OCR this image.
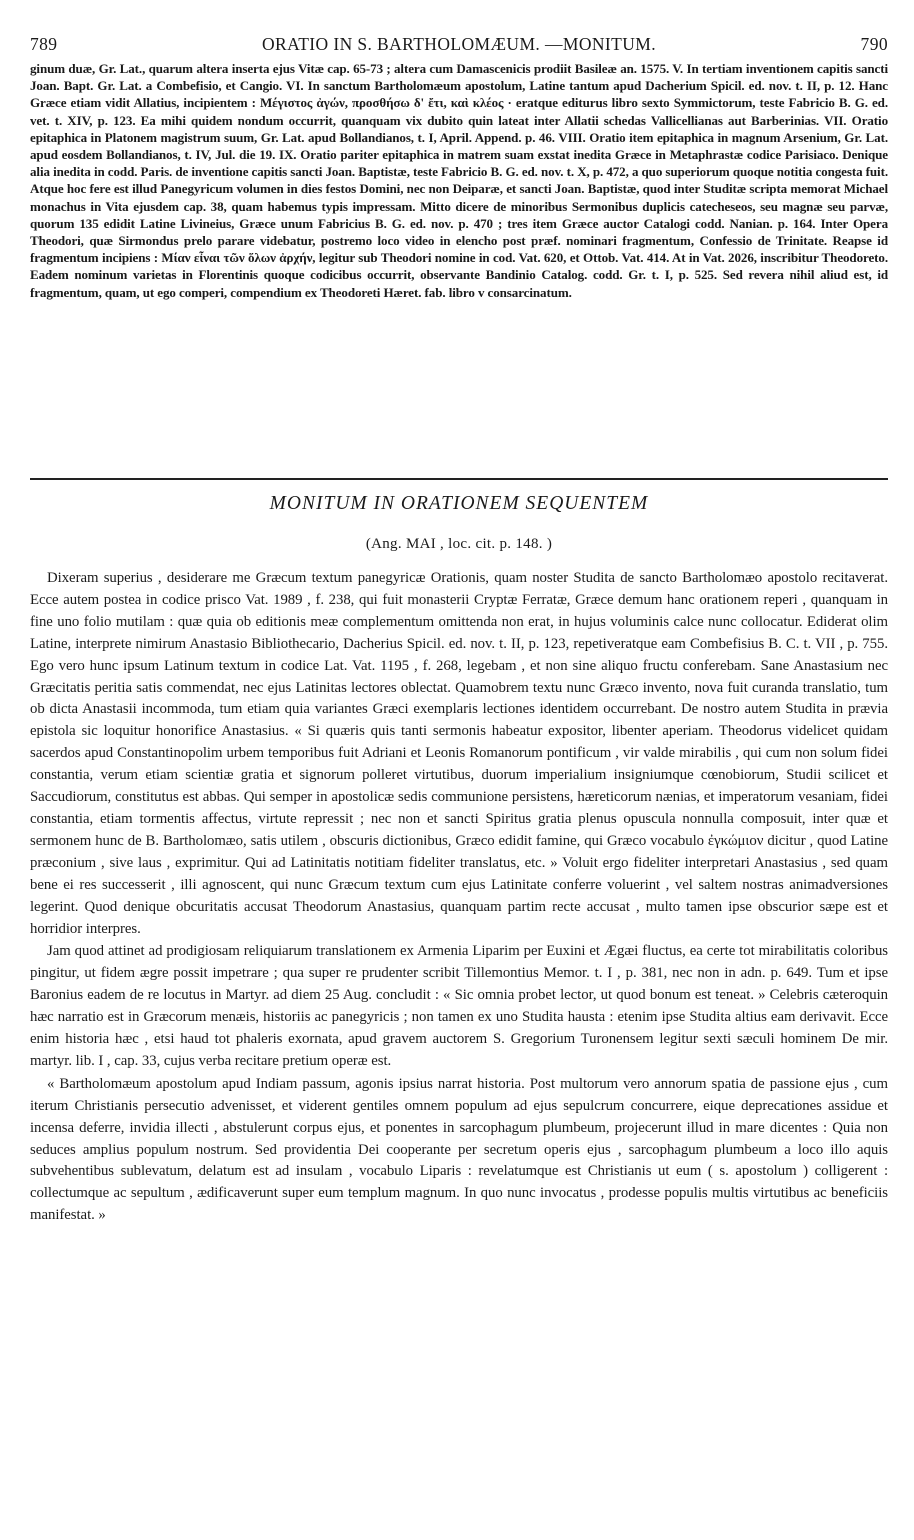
789	ORATIO IN S. BARTHOLOMÆUM. —MONITUM.	790

ginum duæ, Gr. Lat., quarum altera inserta ejus Vitæ cap. 65-73 ; altera cum Damascenicis prodiit Basileæ an. 1575. V. In tertiam inventionem capitis sancti Joan. Bapt. Gr. Lat. a Combefisio, et Cangio. VI. In sanctum Bartholomæum apostolum, Latine tantum apud Dacherium Spicil. ed. nov. t. II, p. 12. Hanc Græce etiam vidit Allatius, incipientem : Μέγιστος ἀγών, προσθήσω δ' ἔτι, καὶ κλέος · eratque editurus libro sexto Symmictorum, teste Fabricio B. G. ed. vet. t. XIV, p. 123. Ea mihi quidem nondum occurrit, quanquam vix dubito quin lateat inter Allatii schedas Vallicellianas aut Barberinias. VII. Oratio epitaphica in Platonem magistrum suum, Gr. Lat. apud Bollandianos, t. I, April. Append. p. 46. VIII. Oratio item epitaphica in magnum Arsenium, Gr. Lat. apud eosdem Bollandianos, t. IV, Jul. die 19. IX. Oratio pariter epitaphica in matrem suam exstat inedita Græce in Metaphrastæ codice Parisiaco. Denique alia inedita in codd. Paris. de inventione capitis sancti Joan. Baptistæ, teste Fabricio B. G. ed. nov. t. X, p. 472, a quo superiorum quoque notitia congesta fuit. Atque hoc fere est illud Panegyricum volumen in dies festos Domini, nec non Deiparæ, et sancti Joan. Baptistæ, quod inter Studitæ scripta memorat Michael monachus in Vita ejusdem cap. 38, quam habemus typis impressam. Mitto dicere de minoribus Sermonibus duplicis catecheseos, seu magnæ seu parvæ, quorum 135 edidit Latine Livineius, Græce unum Fabricius B. G. ed. nov. p. 470 ; tres item Græce auctor Catalogi codd. Nanian. p. 164. Inter Opera Theodori, quæ Sirmondus prelo parare videbatur, postremo loco video in elencho post præf. nominari fragmentum, Confessio de Trinitate. Reapse id fragmentum incipiens : Μίαν εἶναι τῶν ὅλων ἀρχήν, legitur sub Theodori nomine in cod. Vat. 620, et Ottob. Vat. 414. At in Vat. 2026, inscribitur Theodoreto. Eadem nominum varietas in Florentinis quoque codicibus occurrit, observante Bandinio Catalog. codd. Gr. t. I, p. 525. Sed revera nihil aliud est, id fragmentum, quam, ut ego comperi, compendium ex Theodoreti Hæret. fab. libro v consarcinatum.

MONITUM IN ORATIONEM SEQUENTEM
(Ang. MAI , loc. cit. p. 148. )

Dixeram superius , desiderare me Græcum textum panegyricæ Orationis, quam noster Studita de sancto Bartholomæo apostolo recitaverat. Ecce autem postea in codice prisco Vat. 1989 , f. 238, qui fuit monasterii Cryptæ Ferratæ, Græce demum hanc orationem reperi , quanquam in fine uno folio mutilam : quæ quia ob editionis meæ complementum omittenda non erat, in hujus voluminis calce nunc collocatur. Ediderat olim Latine, interprete nimirum Anastasio Bibliothecario, Dacherius Spicil. ed. nov. t. II, p. 123, repetiveratque eam Combefisius B. C. t. VII , p. 755. Ego vero hunc ipsum Latinum textum in codice Lat. Vat. 1195 , f. 268, legebam , et non sine aliquo fructu conferebam. Sane Anastasium nec Græcitatis peritia satis commendat, nec ejus Latinitas lectores oblectat. Quamobrem textu nunc Græco invento, nova fuit curanda translatio, tum ob dicta Anastasii incommoda, tum etiam quia variantes Græci exemplaris lectiones identidem occurrebant. De nostro autem Studita in prævia epistola sic loquitur honorifice Anastasius. « Si quæris quis tanti sermonis habeatur expositor, libenter aperiam. Theodorus videlicet quidam sacerdos apud Constantinopolim urbem temporibus fuit Adriani et Leonis Romanorum pontificum , vir valde mirabilis , qui cum non solum fidei constantia, verum etiam scientiæ gratia et signorum polleret virtutibus, duorum imperialium insigniumque cœnobiorum, Studii scilicet et Saccudiorum, constitutus est abbas. Qui semper in apostolicæ sedis communione persistens, hæreticorum nænias, et imperatorum vesaniam, fidei constantia, etiam tormentis affectus, virtute repressit ; nec non et sancti Spiritus gratia plenus opuscula nonnulla composuit, inter quæ et sermonem hunc de B. Bartholomæo, satis utilem , obscuris dictionibus, Græco edidit famine, qui Græco vocabulo ἐγκώμιον dicitur , quod Latine præconium , sive laus , exprimitur. Qui ad Latinitatis notitiam fideliter translatus, etc. » Voluit ergo fideliter interpretari Anastasius , sed quam bene ei res successerit , illi agnoscent, qui nunc Græcum textum cum ejus Latinitate conferre voluerint , vel saltem nostras animadversiones legerint. Quod denique obcuritatis accusat Theodorum Anastasius, quanquam partim recte accusat , multo tamen ipse obscurior sæpe est et horridior interpres.

Jam quod attinet ad prodigiosam reliquiarum translationem ex Armenia Liparim per Euxini et Ægæi fluctus, ea certe tot mirabilitatis coloribus pingitur, ut fidem ægre possit impetrare ; qua super re prudenter scribit Tillemontius Memor. t. I , p. 381, nec non in adn. p. 649. Tum et ipse Baronius eadem de re locutus in Martyr. ad diem 25 Aug. concludit : « Sic omnia probet lector, ut quod bonum est teneat. » Celebris cæteroquin hæc narratio est in Græcorum menæis, historiis ac panegyricis ; non tamen ex uno Studita hausta : etenim ipse Studita altius eam derivavit. Ecce enim historia hæc , etsi haud tot phaleris exornata, apud gravem auctorem S. Gregorium Turonensem legitur sexti sæculi hominem De mir. martyr. lib. I , cap. 33, cujus verba recitare pretium operæ est.

« Bartholomæum apostolum apud Indiam passum, agonis ipsius narrat historia. Post multorum vero annorum spatia de passione ejus , cum iterum Christianis persecutio advenisset, et viderent gentiles omnem populum ad ejus sepulcrum concurrere, eique deprecationes assidue et incensa deferre, invidia illecti , abstulerunt corpus ejus, et ponentes in sarcophagum plumbeum, projecerunt illud in mare dicentes : Quia non seduces amplius populum nostrum. Sed providentia Dei cooperante per secretum operis ejus , sarcophagum plumbeum a loco illo aquis subvehentibus sublevatum, delatum est ad insulam , vocabulo Liparis : revelatumque est Christianis ut eum ( s. apostolum ) colligerent : collectumque ac sepultum , ædificaverunt super eum templum magnum. In quo nunc invocatus , prodesse populis multis virtutibus ac beneficiis manifestat. »
